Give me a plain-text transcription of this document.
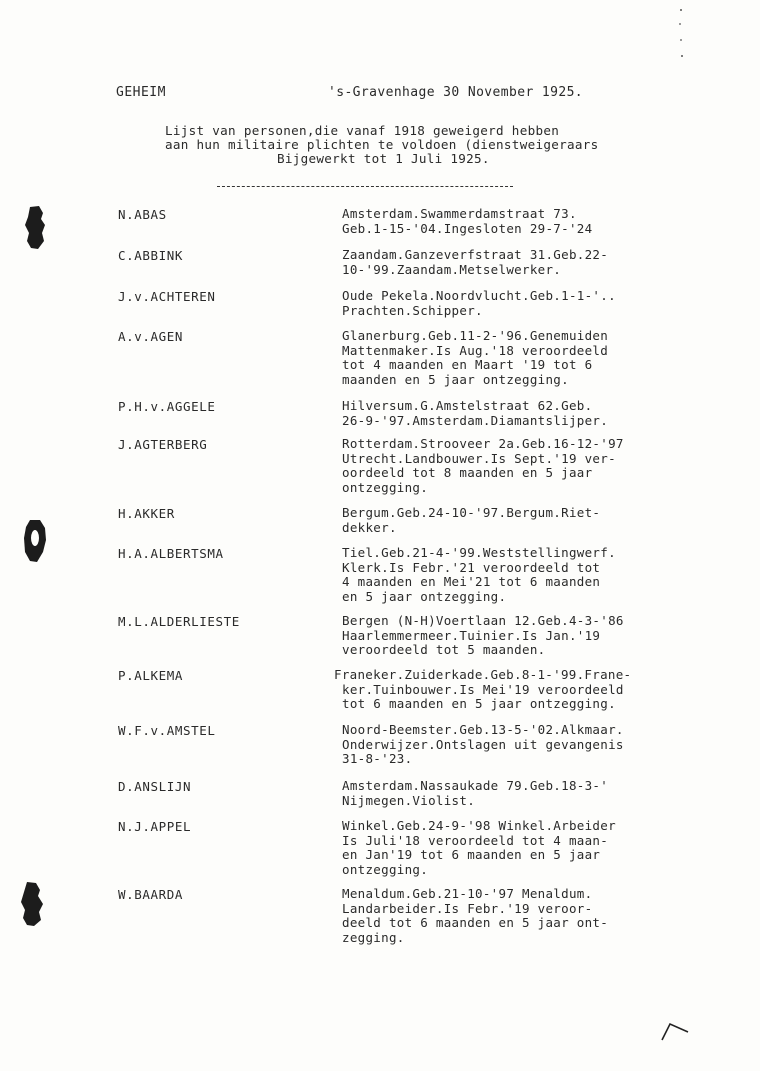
GEHEIM	's-Gravenhage 30 November 1925.
Lijst van personen,die vanaf 1918 geweigerd hebben
aan hun militaire plichten te voldoen (dienstweigeraars
Bijgewerkt tot 1 Juli 1925.
N.ABAS	Amsterdam.Swammerdamstraat 73.
Geb.1-15-'04.Ingesloten 29-7-'24
C.ABBINK	Zaandam.Ganzeverfstraat 31.Geb.22-
10-'99.Zaandam.Metselwerker.
J.v.ACHTEREN	Oude Pekela.Noordvlucht.Geb.1-1-'..
Prachten.Schipper.
A.v.AGEN	Glanerburg.Geb.11-2-'96.Genemuiden
Mattenmaker.Is Aug.'18 veroordeeld
tot 4 maanden en Maart '19 tot 6
maanden en 5 jaar ontzegging.
P.H.v.AGGELE	Hilversum.G.Amstelstraat 62.Geb.
26-9-'97.Amsterdam.Diamantslijper.
J.AGTERBERG	Rotterdam.Strooveer 2a.Geb.16-12-'97
Utrecht.Landbouwer.Is Sept.'19 ver-
oordeeld tot 8 maanden en 5 jaar
ontzegging.
H.AKKER	Bergum.Geb.24-10-'97.Bergum.Riet-
dekker.
H.A.ALBERTSMA	Tiel.Geb.21-4-'99.Weststellingwerf.
Klerk.Is Febr.'21 veroordeeld tot
4 maanden en Mei'21 tot 6 maanden
en 5 jaar ontzegging.
M.L.ALDERLIESTE	Bergen (N-H)Voertlaan 12.Geb.4-3-'86
Haarlemmermeer.Tuinier.Is Jan.'19
veroordeeld tot 5 maanden.
P.ALKEMA	Franeker.Zuiderkade.Geb.8-1-'99.Frane-
ker.Tuinbouwer.Is Mei'19 veroordeeld
tot 6 maanden en 5 jaar ontzegging.
W.F.v.AMSTEL	Noord-Beemster.Geb.13-5-'02.Alkmaar.
Onderwijzer.Ontslagen uit gevangenis
31-8-'23.
D.ANSLIJN	Amsterdam.Nassaukade 79.Geb.18-3-'
Nijmegen.Violist.
N.J.APPEL	Winkel.Geb.24-9-'98 Winkel.Arbeider
Is Juli'18 veroordeeld tot 4 maan-
en Jan'19 tot 6 maanden en 5 jaar
ontzegging.
W.BAARDA	Menaldum.Geb.21-10-'97 Menaldum.
Landarbeider.Is Febr.'19 veroor-
deeld tot 6 maanden en 5 jaar ont-
zegging.
